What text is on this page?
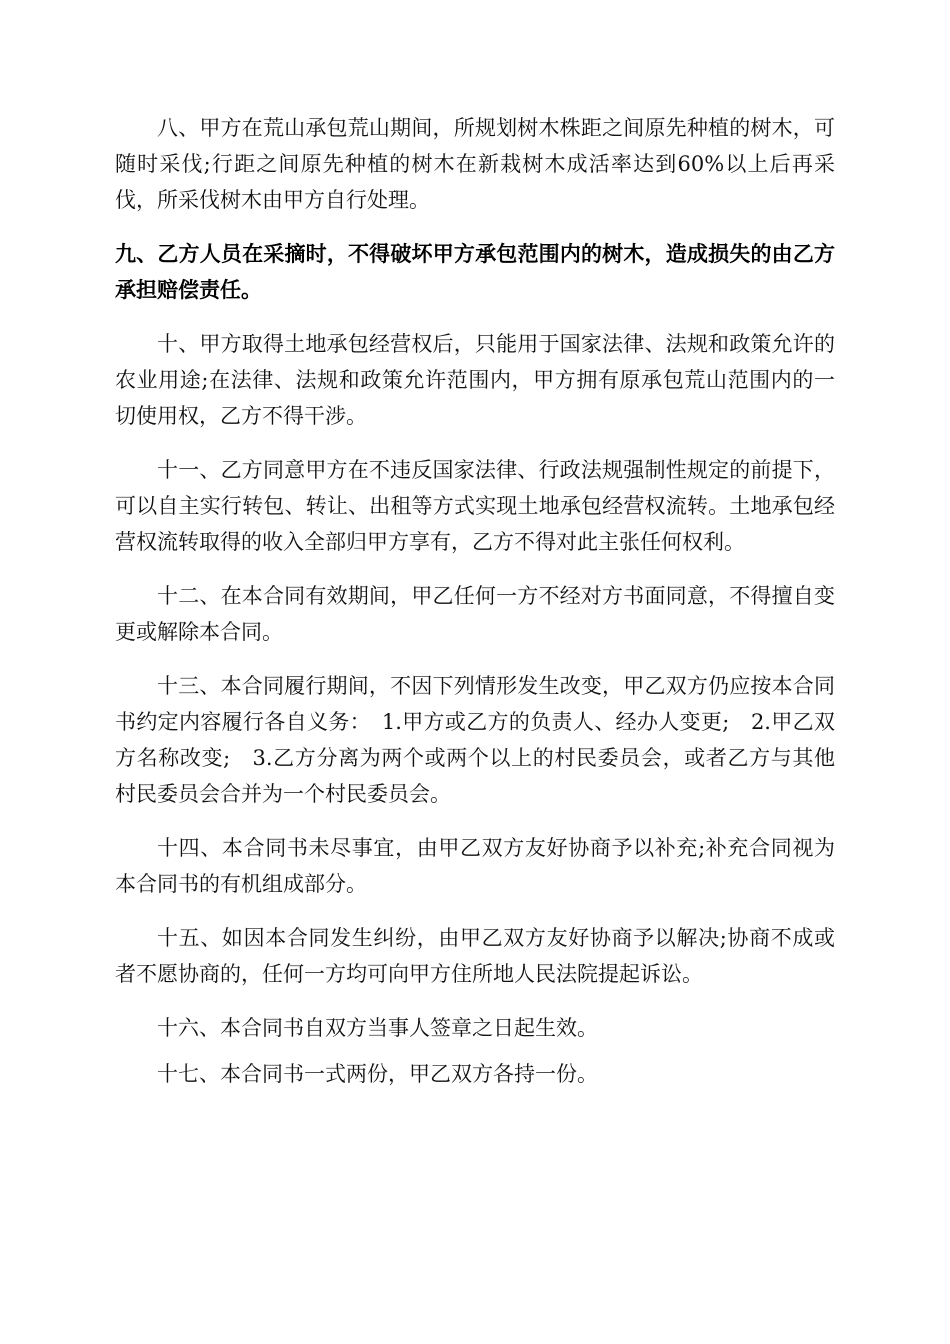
八、甲方在荒山承包荒山期间，所规划树木株距之间原先种植的树木，可随时采伐;行距之间原先种植的树木在新栽树木成活率达到60%以上后再采伐，所采伐树木由甲方自行处理。

九、乙方人员在采摘时，不得破坏甲方承包范围内的树木，造成损失的由乙方承担赔偿责任。

十、甲方取得土地承包经营权后，只能用于国家法律、法规和政策允许的农业用途;在法律、法规和政策允许范围内，甲方拥有原承包荒山范围内的一切使用权，乙方不得干涉。

十一、乙方同意甲方在不违反国家法律、行政法规强制性规定的前提下，可以自主实行转包、转让、出租等方式实现土地承包经营权流转。土地承包经营权流转取得的收入全部归甲方享有，乙方不得对此主张任何权利。

十二、在本合同有效期间，甲乙任何一方不经对方书面同意，不得擅自变更或解除本合同。

十三、本合同履行期间，不因下列情形发生改变，甲乙双方仍应按本合同书约定内容履行各自义务：　1.甲方或乙方的负责人、经办人变更;　2.甲乙双方名称改变;　3.乙方分离为两个或两个以上的村民委员会，或者乙方与其他村民委员会合并为一个村民委员会。

十四、本合同书未尽事宜，由甲乙双方友好协商予以补充;补充合同视为本合同书的有机组成部分。

十五、如因本合同发生纠纷，由甲乙双方友好协商予以解决;协商不成或者不愿协商的，任何一方均可向甲方住所地人民法院提起诉讼。

十六、本合同书自双方当事人签章之日起生效。

十七、本合同书一式两份，甲乙双方各持一份。
